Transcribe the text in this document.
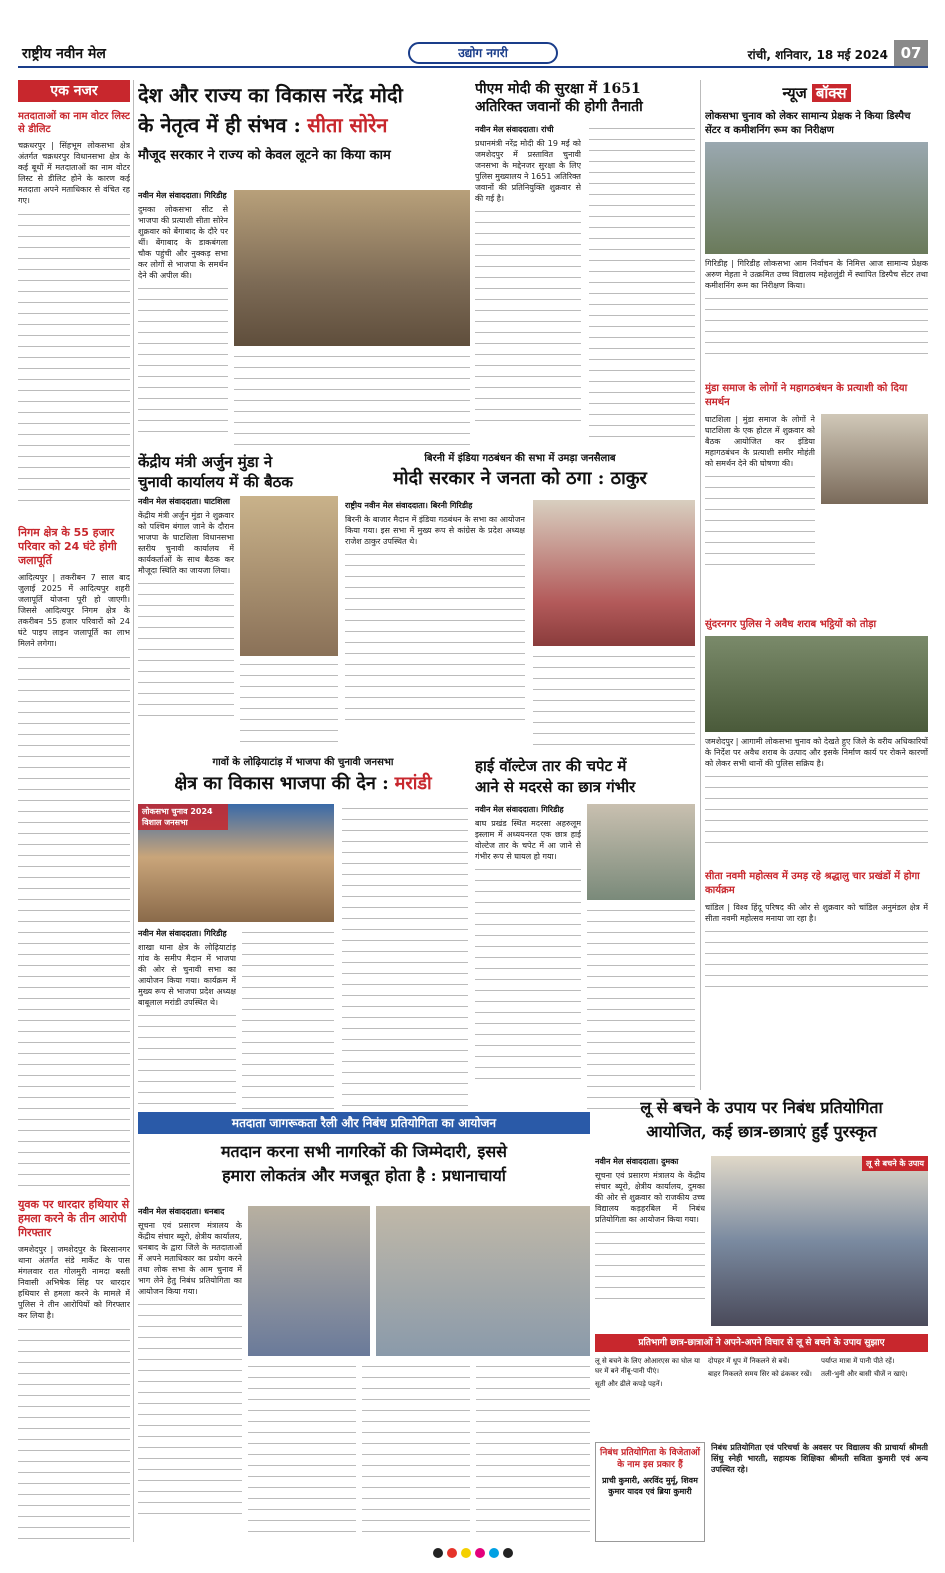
राष्ट्रीय नवीन मेल	उद्योग नगरी	रांची, शनिवार, 18 मई 2024 07
एक नजर
मतदाताओं का नाम वोटर लिस्ट से डीलिट
चक्रधरपुर | सिंहभूम लोकसभा क्षेत्र अंतर्गत चक्रधरपुर विधानसभा क्षेत्र के कई बूथों में मतदाताओं का नाम वोटर लिस्ट से डीलिट होने के कारण कई मतदाता अपने मताधिकार से वंचित रह गए।
निगम क्षेत्र के 55 हजार परिवार को 24 घंटे होगी जलापूर्ति
आदित्यपुर | तकरीबन 7 साल बाद जुलाई 2025 में आदित्यपुर शहरी जलापूर्ति योजना पूरी हो जाएगी। जिससे आदित्यपुर निगम क्षेत्र के तकरीबन 55 हजार परिवारों को 24 घंटे पाइप लाइन जलापूर्ति का लाभ मिलने लगेगा।
युवक पर धारदार हथियार से हमला करने के तीन आरोपी गिरफ्तार
जमशेदपुर | जमशेदपुर के बिरसानगर थाना अंतर्गत संडे मार्केट के पास मंगलवार रात गोलमुरी नामदा बस्ती निवासी अभिषेक सिंह पर धारदार हथियार से हमला करने के मामले में पुलिस ने तीन आरोपियों को गिरफ्तार कर लिया है।
देश और राज्य का विकास नरेंद्र मोदी
के नेतृत्व में ही संभव : सीता सोरेन
मौजूद सरकार ने राज्य को केवल लूटने का किया काम
नवीन मेल संवाददाता। गिरिडीह
दुमका लोकसभा सीट से भाजपा की प्रत्याशी सीता सोरेन शुक्रवार को बेंगाबाद के दौरे पर थीं। बेंगाबाद के डाकबंगला चौक पहुंची और नुक्कड़ सभा कर लोगों से भाजपा के समर्थन देने की अपील की।
पीएम मोदी की सुरक्षा में 1651
अतिरिक्त जवानों की होगी तैनाती
नवीन मेल संवाददाता। रांची
प्रधानमंत्री नरेंद्र मोदी की 19 मई को जमशेदपुर में प्रस्तावित चुनावी जनसभा के मद्देनजर सुरक्षा के लिए पुलिस मुख्यालय ने 1651 अतिरिक्त जवानों की प्रतिनियुक्ति शुक्रवार से की गई है।
केंद्रीय मंत्री अर्जुन मुंडा ने
चुनावी कार्यालय में की बैठक
नवीन मेल संवाददाता। घाटशिला
केंद्रीय मंत्री अर्जुन मुंडा ने शुक्रवार को पश्चिम बंगाल जाने के दौरान भाजपा के घाटशिला विधानसभा स्तरीय चुनावी कार्यालय में कार्यकर्ताओं के साथ बैठक कर मौजूदा स्थिति का जायजा लिया।
बिरनी में इंडिया गठबंधन की सभा में उमड़ा जनसैलाब
मोदी सरकार ने जनता को ठगा : ठाकुर
राष्ट्रीय नवीन मेल संवाददाता। बिरनी गिरिडीह
बिरनी के बाजार मैदान में इंडिया गठबंधन के सभा का आयोजन किया गया। इस सभा में मुख्य रूप से कांग्रेस के प्रदेश अध्यक्ष राजेश ठाकुर उपस्थित थे।
गावों के लोढ़ियाटांड़ में भाजपा की चुनावी जनसभा
क्षेत्र का विकास भाजपा की देन : मरांडी
लोकसभा चुनाव 2024 विशाल जनसभा
नवीन मेल संवाददाता। गिरिडीह
शाखा थाना क्षेत्र के लोढ़ियाटांड़ गांव के समीप मैदान में भाजपा की ओर से चुनावी सभा का आयोजन किया गया। कार्यक्रम में मुख्य रूप से भाजपा प्रदेश अध्यक्ष बाबूलाल मरांडी उपस्थित थे।
हाई वॉल्टेज तार की चपेट में
आने से मदरसे का छात्र गंभीर
नवीन मेल संवाददाता। गिरिडीह
बाघ प्रखंड स्थित मदरसा अहरुलूम इस्लाम में अध्ययनरत एक छात्र हाई वोल्टेज तार के चपेट में आ जाने से गंभीर रूप से घायल हो गया।
न्यूज बॉक्स
लोकसभा चुनाव को लेकर सामान्य प्रेक्षक ने किया डिस्पैच सेंटर व कमीशनिंग रूम का निरीक्षण
गिरिडीह | गिरिडीह लोकसभा आम निर्वाचन के निमित्त आज सामान्य प्रेक्षक अरुण मेहता ने उत्क्रमित उच्च विद्यालय महेशलुंडी में स्थापित डिस्पैच सेंटर तथा कमीशनिंग रूम का निरीक्षण किया।
मुंडा समाज के लोगों ने महागठबंधन के प्रत्याशी को दिया समर्थन
घाटशिला | मुंडा समाज के लोगों ने घाटशिला के एक होटल में शुक्रवार को बैठक आयोजित कर इंडिया महागठबंधन के प्रत्याशी समीर मोहंती को समर्थन देने की घोषणा की।
सुंदरनगर पुलिस ने अवैध शराब भट्ठियों को तोड़ा
जमशेदपुर | आगामी लोकसभा चुनाव को देखते हुए जिले के वरीय अधिकारियों के निर्देश पर अवैध शराब के उत्पाद और इसके निर्माण कार्य पर रोकने कारणों को लेकर सभी थानों की पुलिस सक्रिय है।
सीता नवमी महोत्सव में उमड़ रहे श्रद्धालु चार प्रखंडों में होगा कार्यक्रम
चांडिल | विश्व हिंदू परिषद की ओर से शुक्रवार को चांडिल अनुमंडल क्षेत्र में सीता नवमी महोत्सव मनाया जा रहा है।
मतदाता जागरूकता रैली और निबंध प्रतियोगिता का आयोजन
मतदान करना सभी नागरिकों की जिम्मेदारी, इससे
हमारा लोकतंत्र और मजबूत होता है : प्रधानाचार्या
नवीन मेल संवाददाता। धनबाद
सूचना एवं प्रसारण मंत्रालय के केंद्रीय संचार ब्यूरो, क्षेत्रीय कार्यालय, धनबाद के द्वारा जिले के मतदाताओं में अपने मताधिकार का प्रयोग करने तथा लोक सभा के आम चुनाव में भाग लेने हेतु निबंध प्रतियोगिता का आयोजन किया गया।
लू से बचने के उपाय पर निबंध प्रतियोगिता
आयोजित, कई छात्र-छात्राएं हुईं पुरस्कृत
नवीन मेल संवाददाता। दुमका
सूचना एवं प्रसारण मंत्रालय के केंद्रीय संचार ब्यूरो, क्षेत्रीय कार्यालय, दुमका की ओर से शुक्रवार को राजकीय उच्च विद्यालय कड़हरबिल में निबंध प्रतियोगिता का आयोजन किया गया।
लू से बचने के उपाय
प्रतिभागी छात्र-छात्राओं ने अपने-अपने विचार से लू से बचने के उपाय सुझाए
लू से बचने के लिए ओआरएस का घोल या घर में बने नींबू-पानी पीएं।
सूती और ढीले कपड़े पहनें।
दोपहर में धूप में निकलने से बचें।
बाहर निकलते समय सिर को ढंककर रखें।
पर्याप्त मात्रा में पानी पीते रहें।
तली-भुनी और बासी चीजें न खाएं।
निबंध प्रतियोगिता के विजेताओं के नाम इस प्रकार हैं
प्राची कुमारी, अरविंद मुर्मू, शिवम कुमार यादव एवं ब्रिया कुमारी
निबंध प्रतियोगिता एवं परिचर्चा के अवसर पर विद्यालय की प्राचार्या श्रीमती सिंधु स्नेही भारती, सहायक शिक्षिका श्रीमती सविता कुमारी एवं अन्य उपस्थित रहे।
